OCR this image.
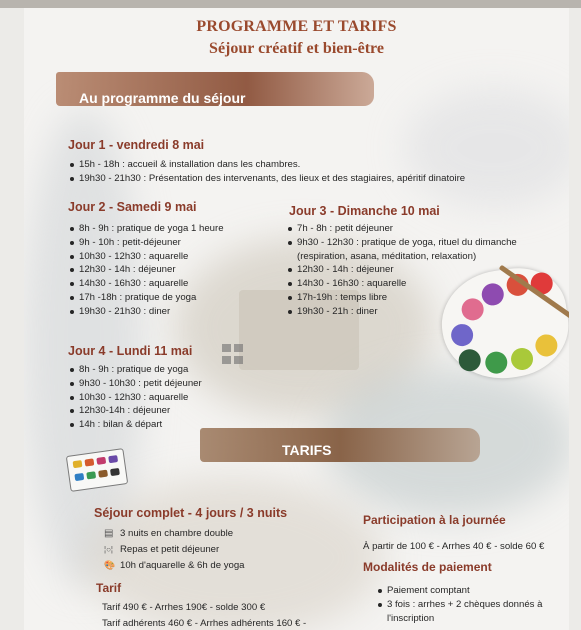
PROGRAMME ET TARIFS
Séjour créatif et bien-être
Au programme du séjour

Jour 1 - vendredi 8 mai

15h - 18h : accueil & installation dans les chambres.
19h30 - 21h30 : Présentation des intervenants, des lieux et des stagiaires, apéritif dinatoire

Jour 2 - Samedi 9 mai

8h - 9h : pratique de yoga 1 heure
9h - 10h : petit-déjeuner
10h30 - 12h30 : aquarelle
12h30 - 14h : déjeuner
14h30 - 16h30 : aquarelle
17h -18h : pratique de yoga
19h30 - 21h30 : diner

Jour 3 - Dimanche 10 mai

7h - 8h : petit déjeuner
9h30 - 12h30 : pratique de yoga, rituel du dimanche
(respiration, asana, méditation, relaxation)
12h30 - 14h : déjeuner
14h30 - 16h30 : aquarelle
17h-19h : temps libre
19h30 - 21h : diner

Jour 4 - Lundi 11 mai

8h - 9h : pratique de yoga
9h30 - 10h30 : petit déjeuner
10h30 - 12h30 : aquarelle
12h30-14h : déjeuner
14h : bilan & départ
TARIFS
Séjour complet - 4 jours / 3 nuits
▤ 3 nuits en chambre double
¦○¦ Repas et petit déjeuner
🎨 10h d'aquarelle & 6h de yoga
Tarif
Tarif 490 € - Arrhes 190€ - solde 300 €
Tarif adhérents 460 € - Arrhes adhérents 160 € -
Participation à la journée
À partir de 100 € - Arrhes 40 € - solde 60 €
Modalités de paiement
Paiement comptant
3 fois : arrhes + 2 chèques donnés à
l'inscription
